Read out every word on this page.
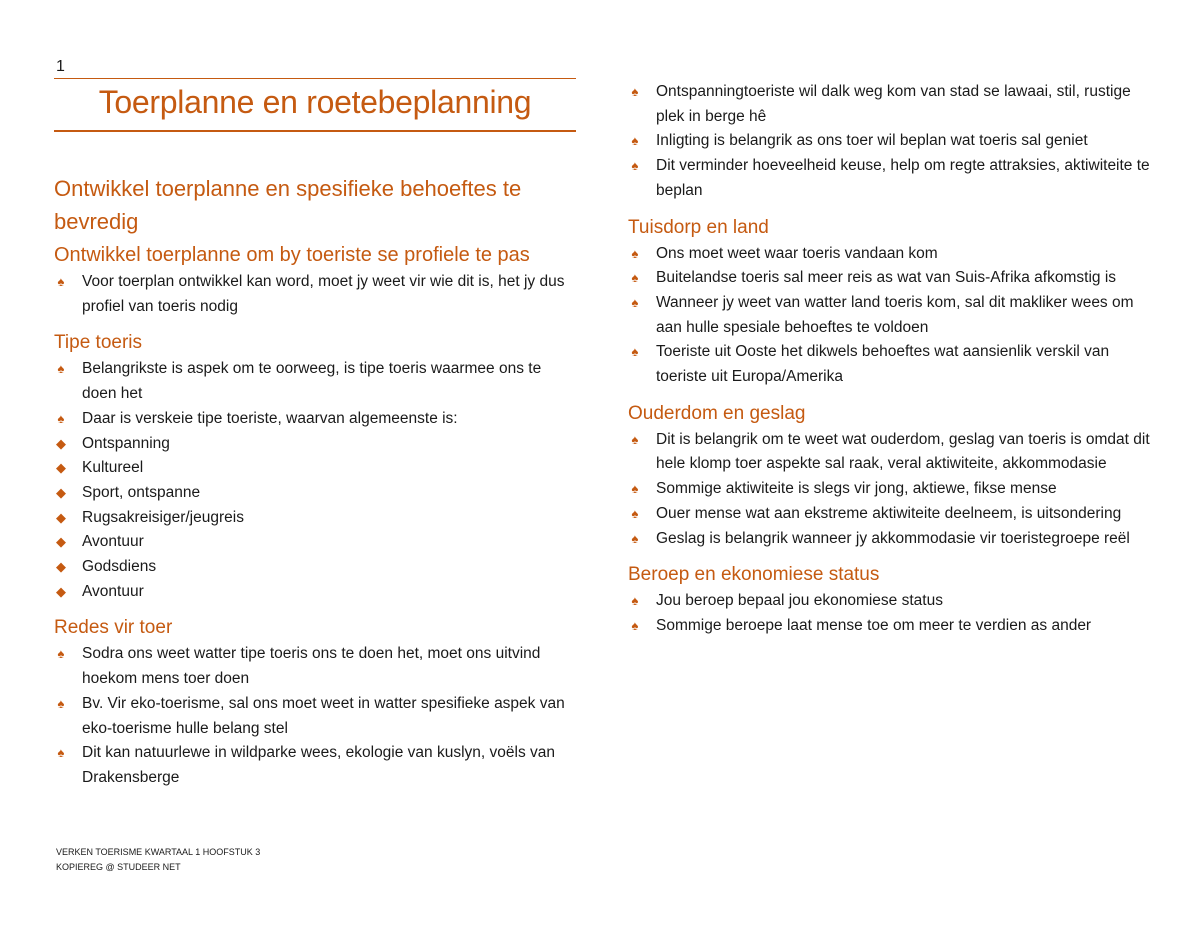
1
Toerplanne en roetebeplanning
Ontwikkel toerplanne en spesifieke behoeftes te bevredig
Ontwikkel toerplanne om by toeriste se profiele te pas
♠ Voor toerplan ontwikkel kan word, moet jy weet vir wie dit is, het jy dus profiel van toeris nodig
Tipe toeris
♠ Belangrikste is aspek om te oorweeg, is tipe toeris waarmee ons te doen het
♠ Daar is verskeie tipe toeriste, waarvan algemeenste is:
◆ Ontspanning
◆ Kultureel
◆ Sport, ontspanne
◆ Rugsakreisiger/jeugreis
◆ Avontuur
◆ Godsdiens
◆ Avontuur
Redes vir toer
♠ Sodra ons weet watter tipe toeris ons te doen het, moet ons uitvind hoekom mens toer doen
♠ Bv. Vir eko-toerisme, sal ons moet weet in watter spesifieke aspek van eko-toerisme hulle belang stel
♠ Dit kan natuurlewe in wildparke wees, ekologie van kuslyn, voëls van Drakensberge
♠ Ontspanningtoeriste wil dalk weg kom van stad se lawaai, stil, rustige plek in berge hê
♠ Inligting is belangrik as ons toer wil beplan wat toeris sal geniet
♠ Dit verminder hoeveelheid keuse, help om regte attraksies, aktiwiteite te beplan
Tuisdorp en land
♠ Ons moet weet waar toeris vandaan kom
♠ Buitelandse toeris sal meer reis as wat van Suis-Afrika afkomstig is
♠ Wanneer jy weet van watter land toeris kom, sal dit makliker wees om aan hulle spesiale behoeftes te voldoen
♠ Toeriste uit Ooste het dikwels behoeftes wat aansienlik verskil van toeriste uit Europa/Amerika
Ouderdom en geslag
♠ Dit is belangrik om te weet wat ouderdom, geslag van toeris is omdat dit hele klomp toer aspekte sal raak, veral aktiwiteite, akkommodasie
♠ Sommige aktiwiteite is slegs vir jong, aktiewe, fikse mense
♠ Ouer mense wat aan ekstreme aktiwiteite deelneem, is uitsondering
♠ Geslag is belangrik wanneer jy akkommodasie vir toeristegroepe reël
Beroep en ekonomiese status
♠ Jou beroep bepaal jou ekonomiese status
♠ Sommige beroepe laat mense toe om meer te verdien as ander
VERKEN TOERISME KWARTAAL 1 HOOFSTUK 3
KOPIEREG @ STUDEER NET
